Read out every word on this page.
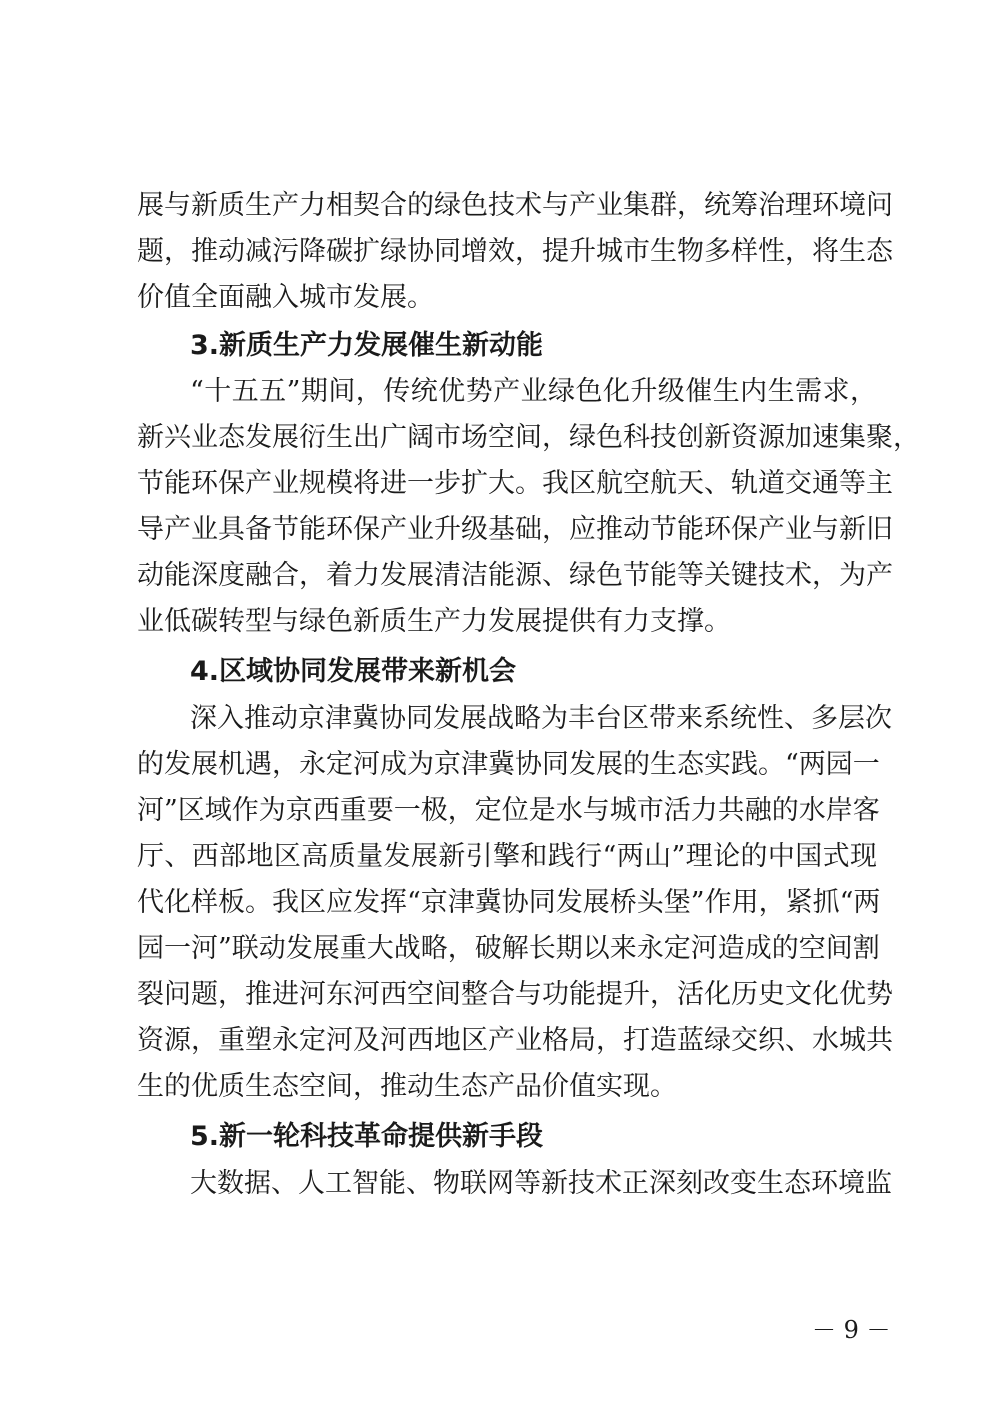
展与新质生产力相契合的绿色技术与产业集群，统筹治理环境问
题，推动减污降碳扩绿协同增效，提升城市生物多样性，将生态
价值全面融入城市发展。
3.新质生产力发展催生新动能
“十五五”期间，传统优势产业绿色化升级催生内生需求，
新兴业态发展衍生出广阔市场空间，绿色科技创新资源加速集聚，
节能环保产业规模将进一步扩大。我区航空航天、轨道交通等主
导产业具备节能环保产业升级基础，应推动节能环保产业与新旧
动能深度融合，着力发展清洁能源、绿色节能等关键技术，为产
业低碳转型与绿色新质生产力发展提供有力支撑。
4.区域协同发展带来新机会
深入推动京津冀协同发展战略为丰台区带来系统性、多层次
的发展机遇，永定河成为京津冀协同发展的生态实践。“两园一
河”区域作为京西重要一极，定位是水与城市活力共融的水岸客
厅、西部地区高质量发展新引擎和践行“两山”理论的中国式现
代化样板。我区应发挥“京津冀协同发展桥头堡”作用，紧抓“两
园一河”联动发展重大战略，破解长期以来永定河造成的空间割
裂问题，推进河东河西空间整合与功能提升，活化历史文化优势
资源，重塑永定河及河西地区产业格局，打造蓝绿交织、水城共
生的优质生态空间，推动生态产品价值实现。
5.新一轮科技革命提供新手段
大数据、人工智能、物联网等新技术正深刻改变生态环境监
－ 9 －
